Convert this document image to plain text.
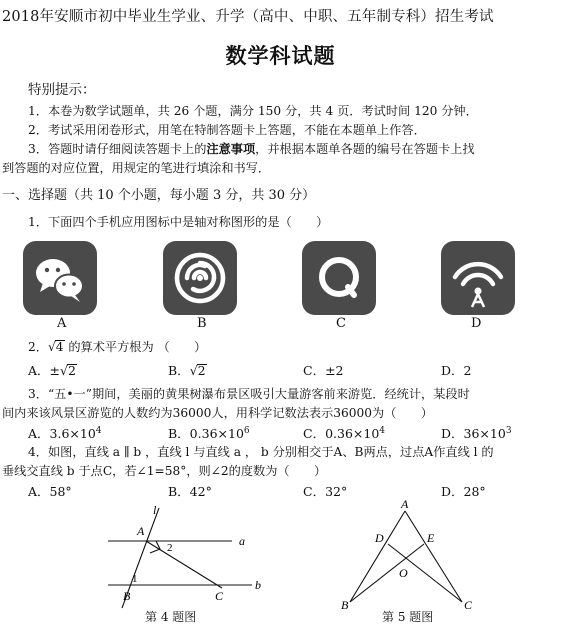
2018年安顺市初中毕业生学业、升学（高中、中职、五年制专科）招生考试
数学科试题
特别提示：
1．本卷为数学试题单，共 26 个题，满分 150 分，共 4 页．考试时间 120 分钟．
2．考试采用闭卷形式，用笔在特制答题卡上答题，不能在本题单上作答．
3．答题时请仔细阅读答题卡上的注意事项，并根据本题单各题的编号在答题卡上找
到答题的对应位置，用规定的笔进行填涂和书写．
一、选择题（共 10 个小题，每小题 3 分，共 30 分）
1．下面四个手机应用图标中是轴对称图形的是（　　）
A	B	C	D
2．√4 的算术平方根为 （　　）
A．±√2	B．√2	C．±2	D．2
3．“五•一”期间，美丽的黄果树瀑布景区吸引大量游客前来游览．经统计，某段时
间内来该风景区游览的人数约为36000人，用科学记数法表示36000为（　　）
A．$3.6\times 10^4$	B．$0.36\times 10^6$	C．$0.36\times 10^4$	D．$36\times 10^3$
4．如图，直线 a ∥ b ，直线 l 与直线 a ， b 分别相交于A、B两点，过点A作直线 l 的
垂线交直线 b 于点C，若∠1=58°，则∠2的度数为（　　）
A．58°	B．42°	C．32°	D．28°
l
A
a
2
1
B	C
b
第 4 题图
A
D	E
O
B	C
第 5 题图
